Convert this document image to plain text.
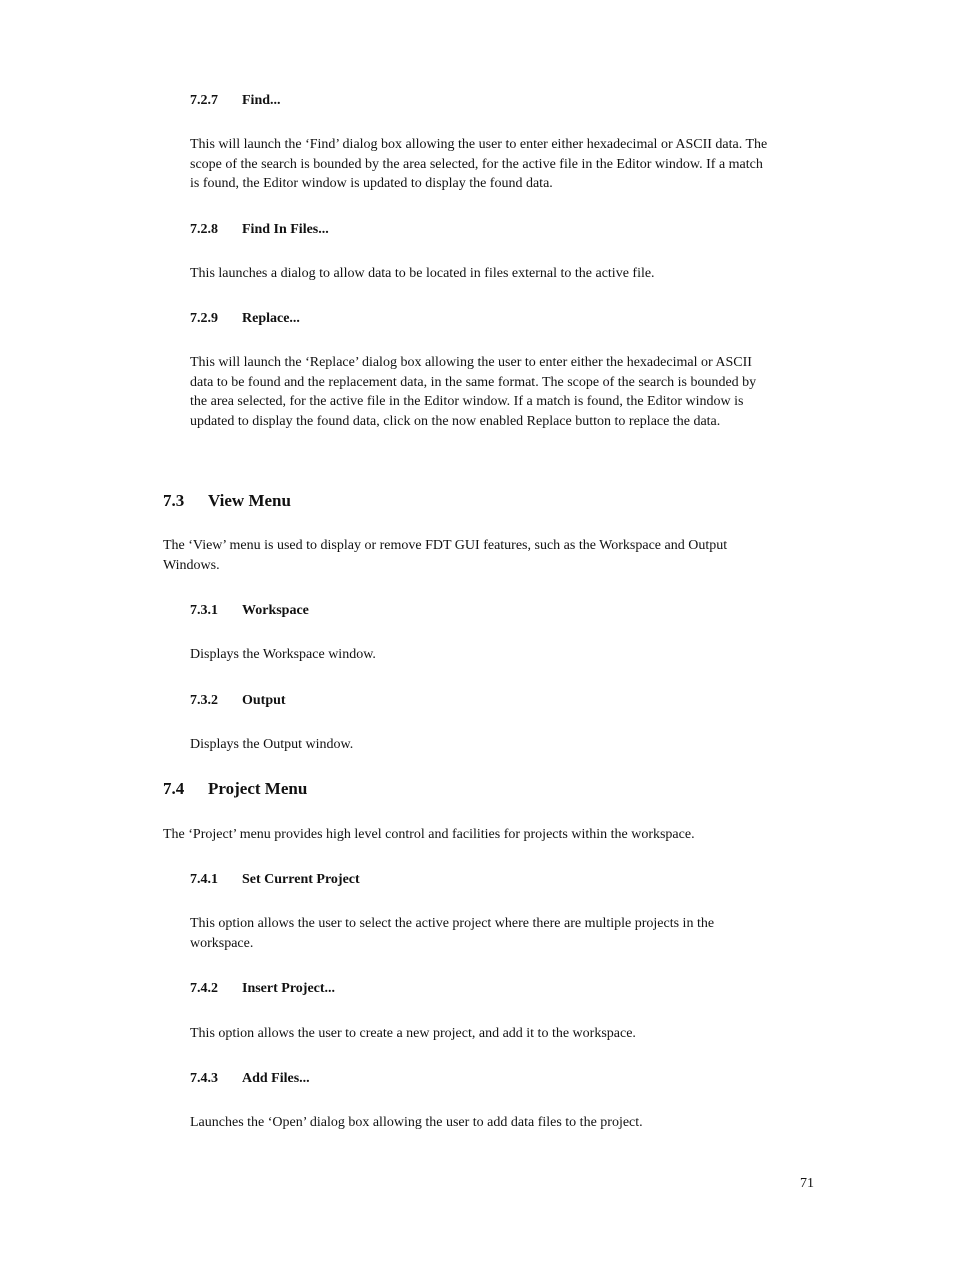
7.2.7 Find...
This will launch the ‘Find’ dialog box allowing the user to enter either hexadecimal or ASCII data. The
scope of the search is bounded by the area selected, for the active file in the Editor window. If a match
is found, the Editor window is updated to display the found data.
7.2.8 Find In Files...
This launches a dialog to allow data to be located in files external to the active file.
7.2.9 Replace...
This will launch the ‘Replace’ dialog box allowing the user to enter either the hexadecimal or ASCII
data to be found and the replacement data, in the same format. The scope of the search is bounded by
the area selected, for the active file in the Editor window. If a match is found, the Editor window is
updated to display the found data, click on the now enabled Replace button to replace the data.
7.3 View Menu
The ‘View’ menu is used to display or remove FDT GUI features, such as the Workspace and Output
Windows.
7.3.1 Workspace
Displays the Workspace window.
7.3.2 Output
Displays the Output window.
7.4 Project Menu
The ‘Project’ menu provides high level control and facilities for projects within the workspace.
7.4.1 Set Current Project
This option allows the user to select the active project where there are multiple projects in the
workspace.
7.4.2 Insert Project...
This option allows the user to create a new project, and add it to the workspace.
7.4.3 Add Files...
Launches the ‘Open’ dialog box allowing the user to add data files to the project.
71
